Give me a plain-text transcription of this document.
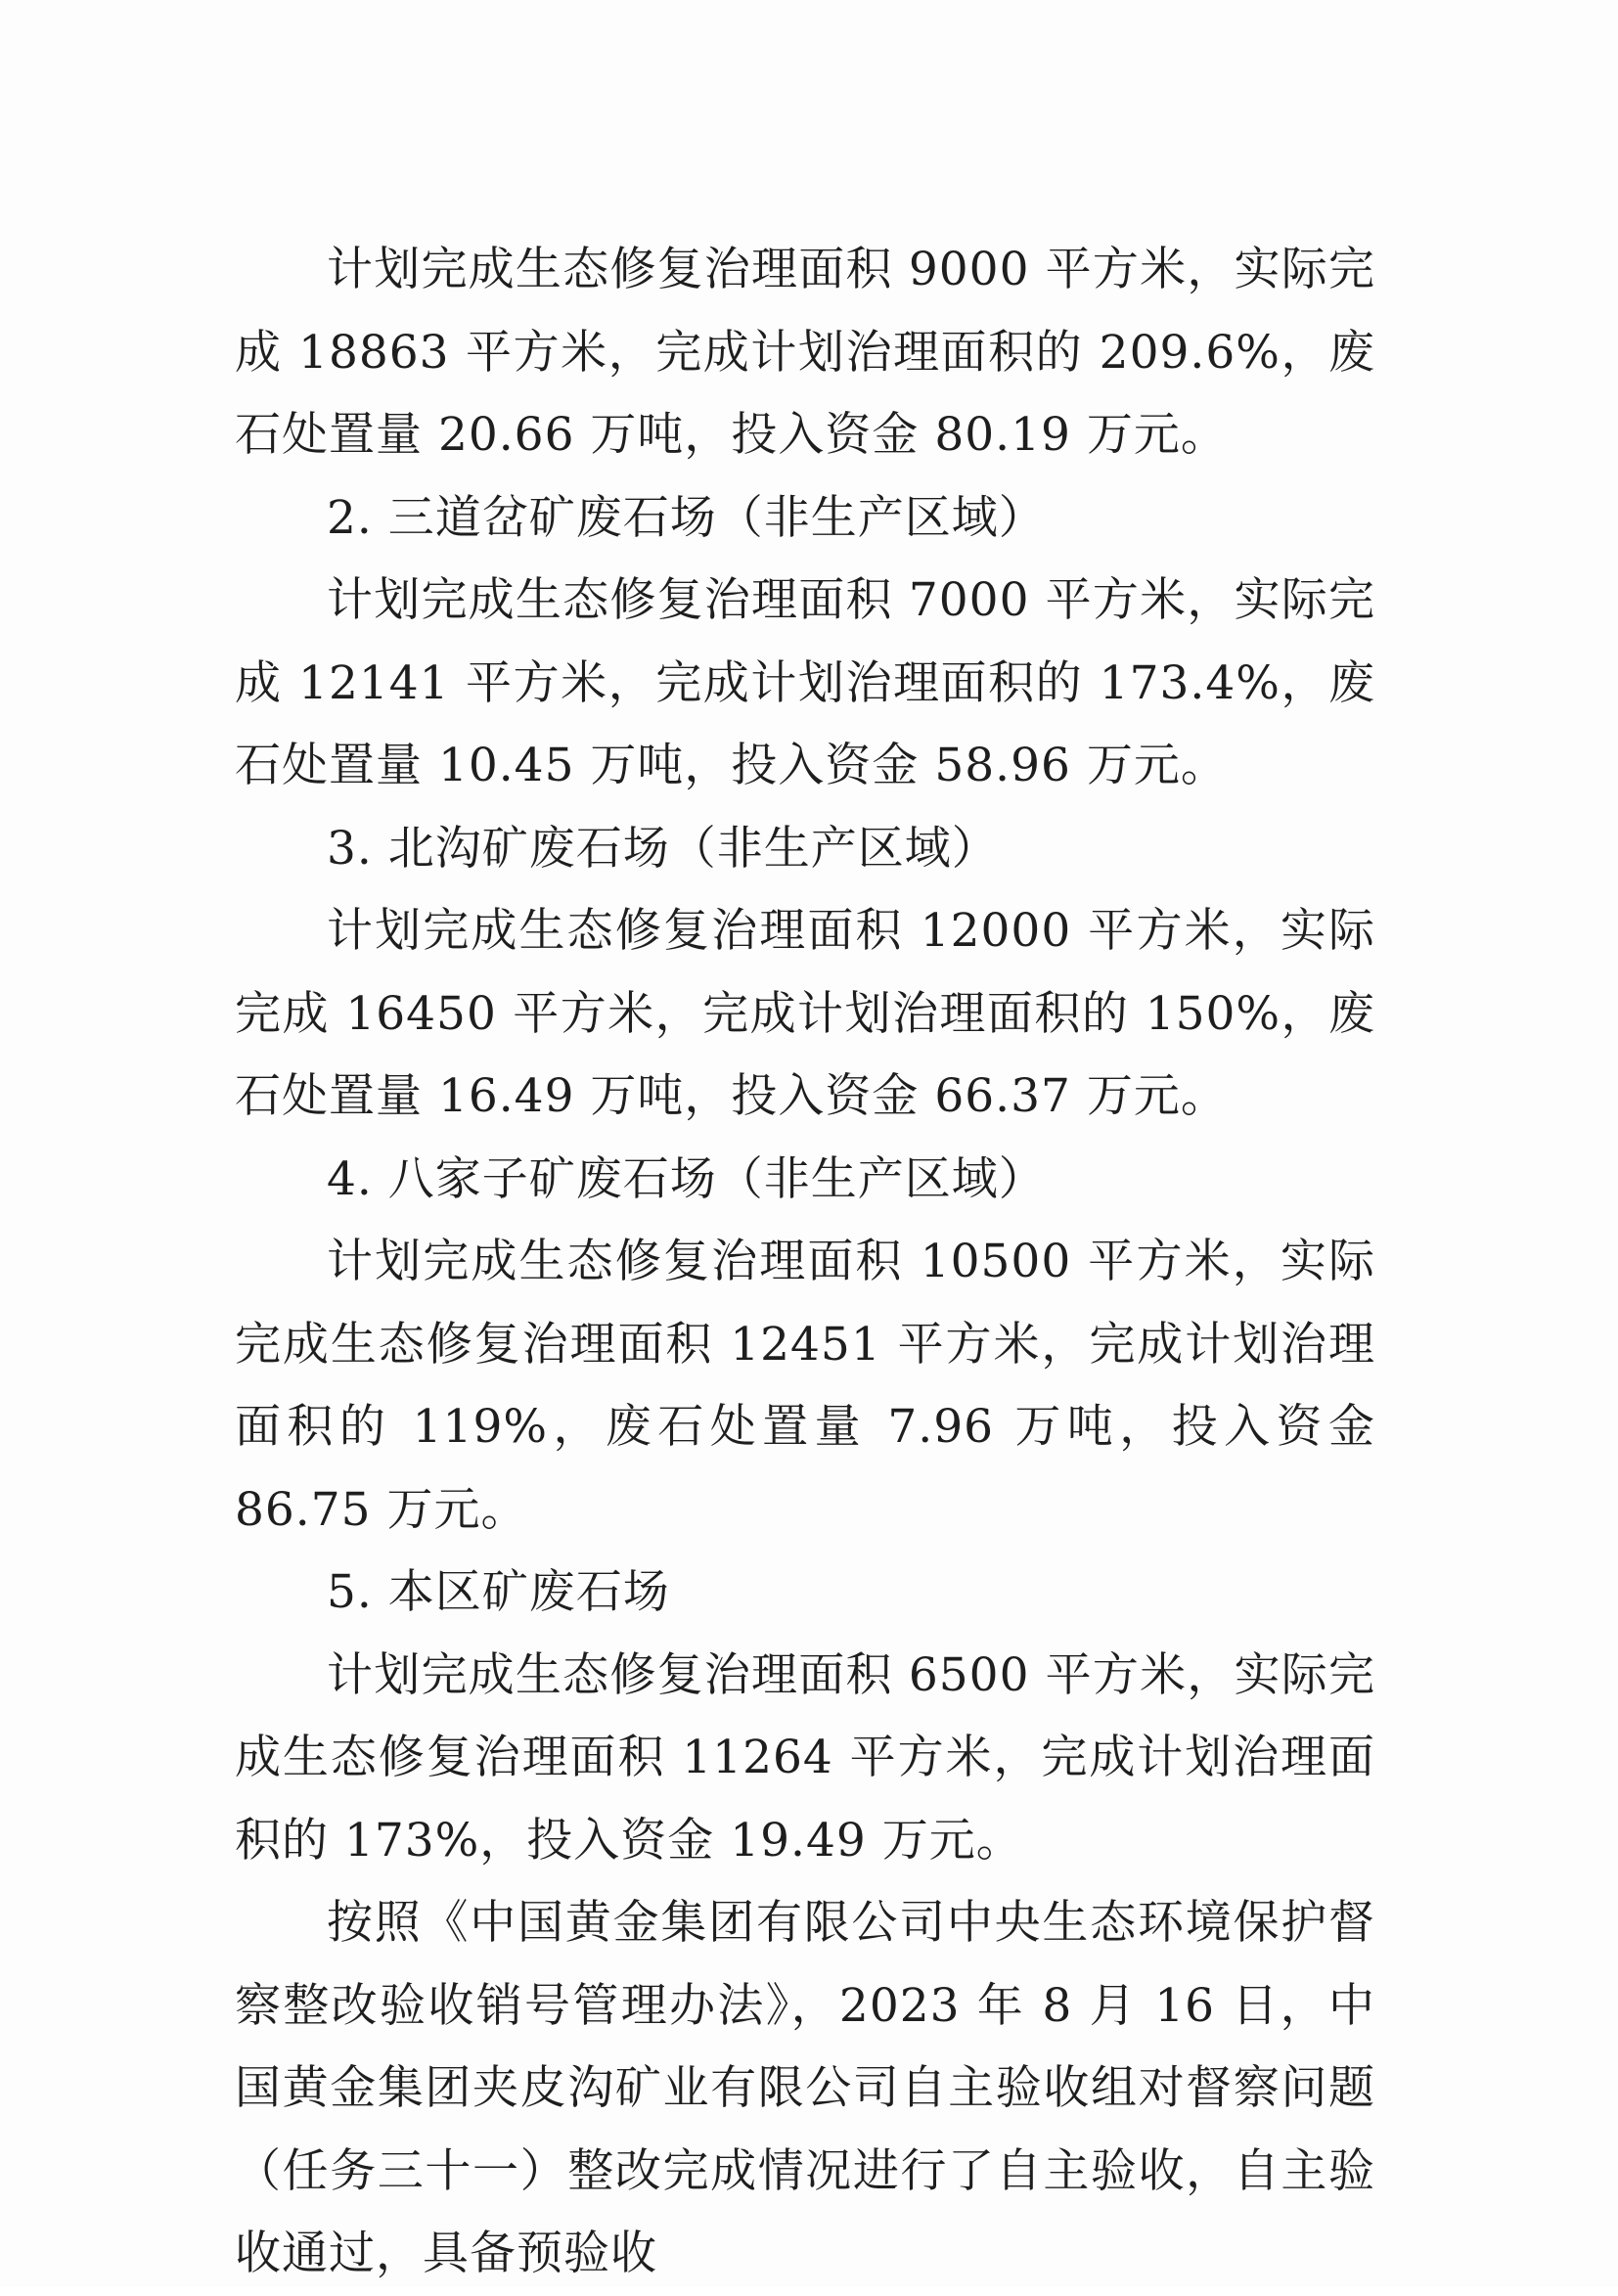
计划完成生态修复治理面积 9000 平方米，实际完成 18863 平方米，完成计划治理面积的 209.6%，废石处置量 20.66 万吨，投入资金 80.19 万元。

2. 三道岔矿废石场（非生产区域）

计划完成生态修复治理面积 7000 平方米，实际完成 12141 平方米，完成计划治理面积的 173.4%，废石处置量 10.45 万吨，投入资金 58.96 万元。

3. 北沟矿废石场（非生产区域）

计划完成生态修复治理面积 12000 平方米，实际完成 16450 平方米，完成计划治理面积的 150%，废石处置量 16.49 万吨，投入资金 66.37 万元。

4. 八家子矿废石场（非生产区域）

计划完成生态修复治理面积 10500 平方米，实际完成生态修复治理面积 12451 平方米，完成计划治理面积的 119%，废石处置量 7.96 万吨，投入资金 86.75 万元。

5. 本区矿废石场

计划完成生态修复治理面积 6500 平方米，实际完成生态修复治理面积 11264 平方米，完成计划治理面积的 173%，投入资金 19.49 万元。

按照《中国黄金集团有限公司中央生态环境保护督察整改验收销号管理办法》，2023 年 8 月 16 日，中国黄金集团夹皮沟矿业有限公司自主验收组对督察问题（任务三十一）整改完成情况进行了自主验收，自主验收通过，具备预验收
